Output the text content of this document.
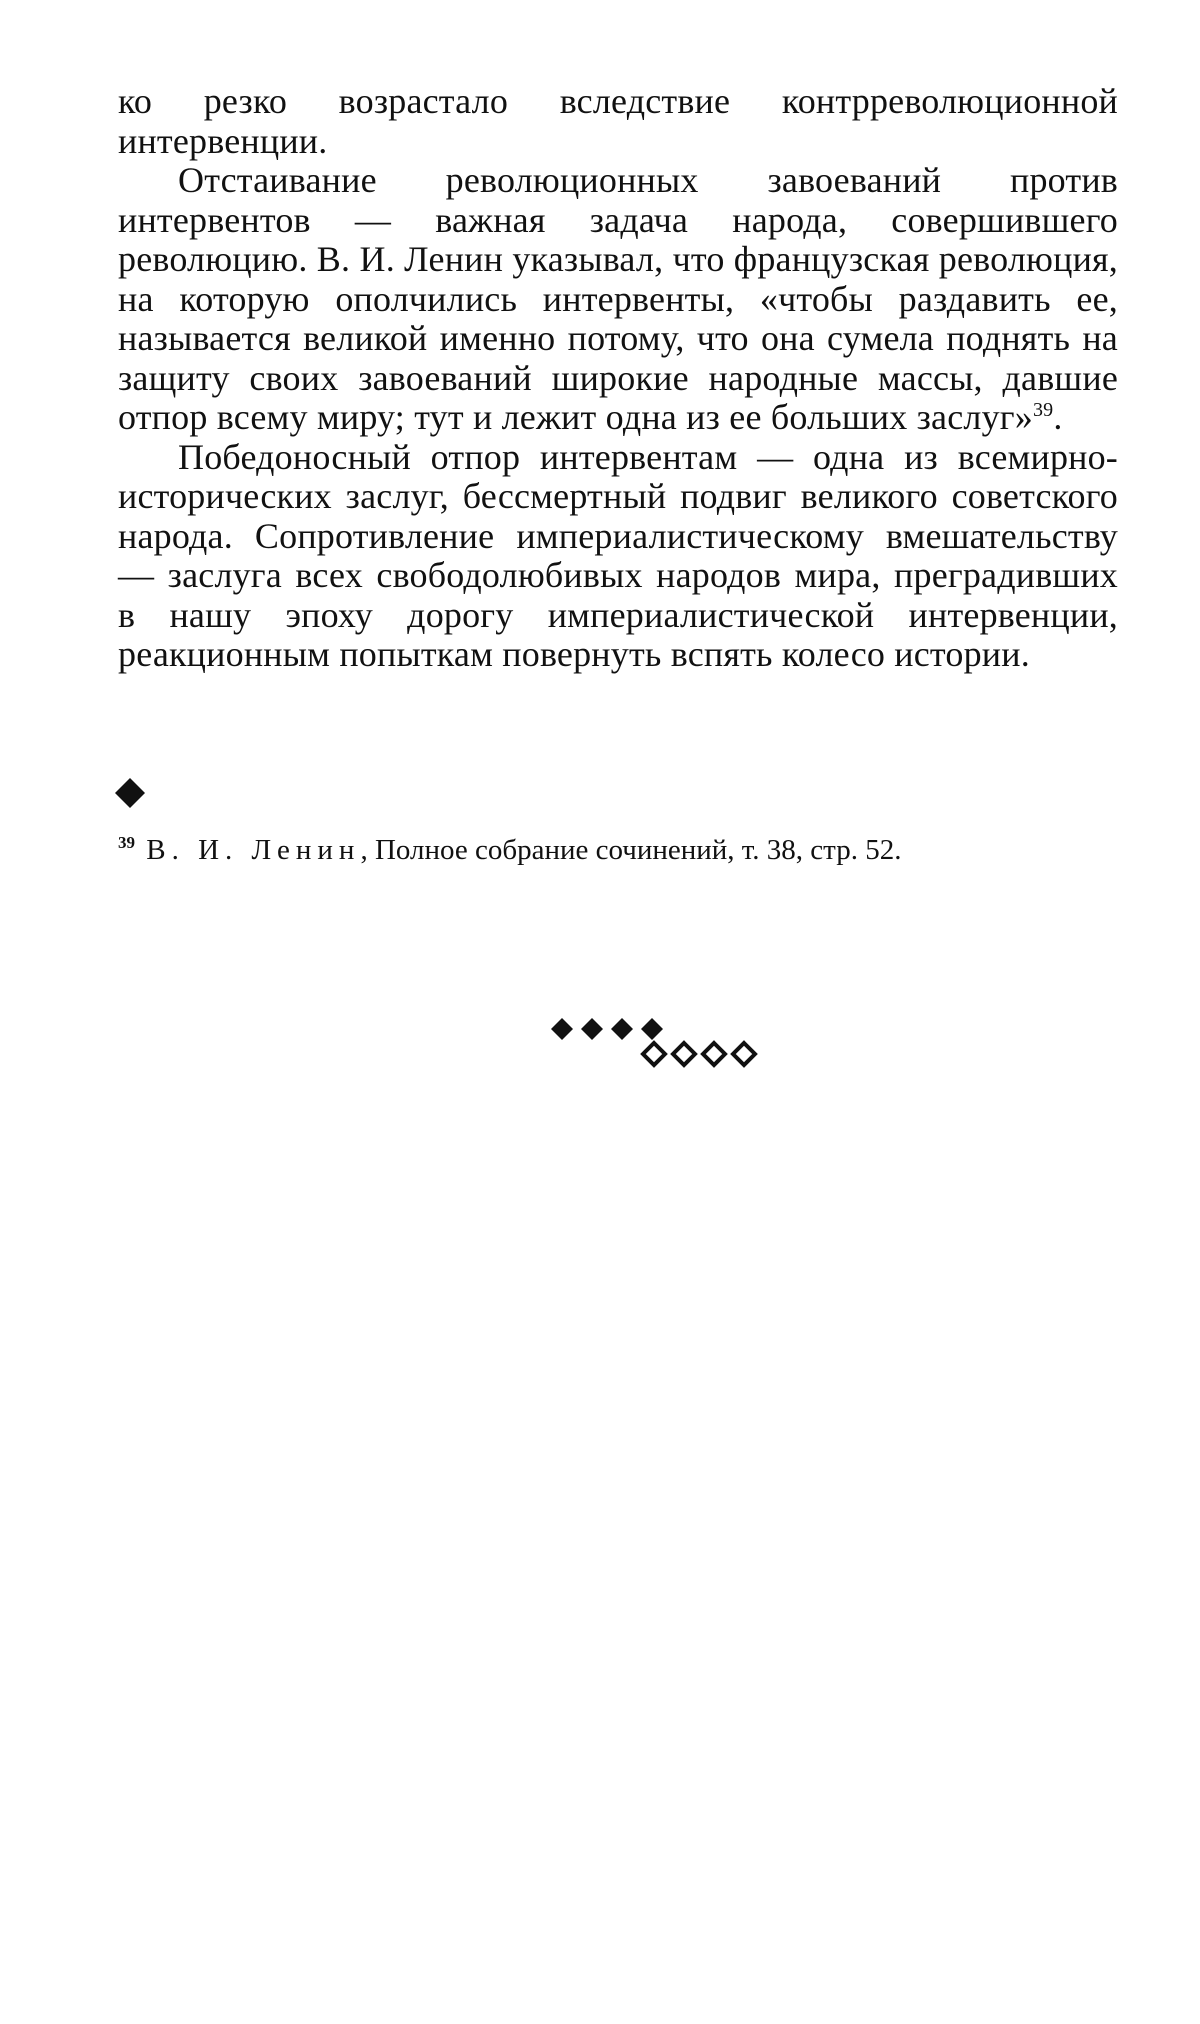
ко резко возрастало вследствие контрреволюционной интервенции.

Отстаивание революционных завоеваний против интервентов — важная задача народа, совершившего революцию. В. И. Ленин указывал, что французская революция, на которую ополчились интервенты, «чтобы раздавить ее, называется великой именно потому, что она сумела поднять на защиту своих завоеваний широкие народные массы, давшие отпор всему миру; тут и лежит одна из ее больших заслуг»$^{39}$.

Победоносный отпор интервентам — одна из всемирно-исторических заслуг, бессмертный подвиг великого советского народа. Сопротивление империалистическому вмешательству — заслуга всех свободолюбивых народов мира, преградивших в нашу эпоху дорогу империалистической интервенции, реакционным попыткам повернуть вспять колесо истории.

$^{39}$ В. И. Ленин, Полное собрание сочинений, т. 38, стр. 52.
